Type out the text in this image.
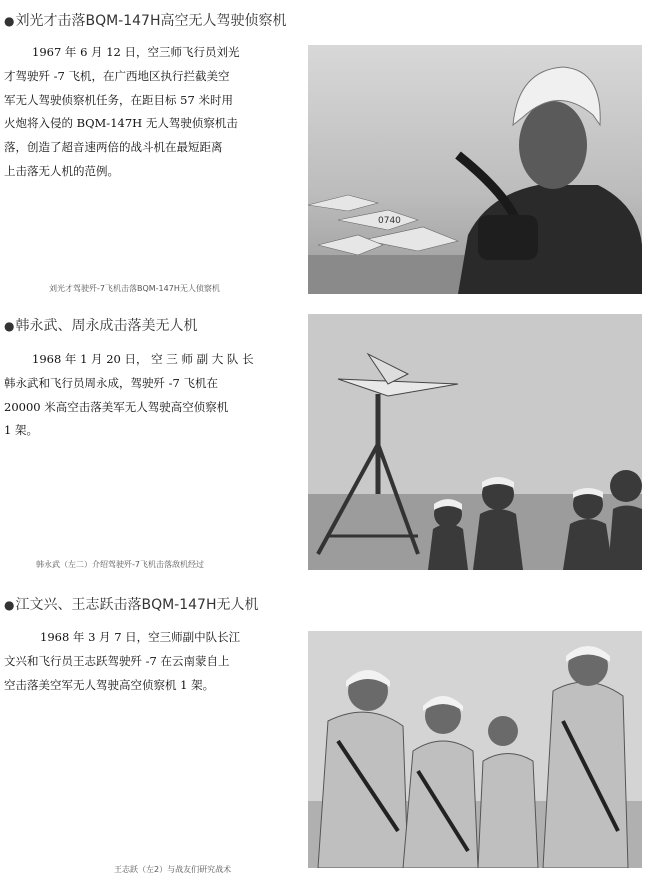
●刘光才击落BQM-147H高空无人驾驶侦察机
1967 年 6 月 12 日，空三师飞行员刘光
才驾驶歼 -7 飞机，在广西地区执行拦截美空
军无人驾驶侦察机任务，在距目标 57 米时用
火炮将入侵的 BQM-147H 无人驾驶侦察机击
落，创造了超音速两倍的战斗机在最短距离
上击落无人机的范例。
刘光才驾驶歼-7飞机击落BQM-147H无人侦察机
0740
●韩永武、周永成击落美无人机
1968 年 1 月 20 日， 空 三 师 副 大 队 长
韩永武和飞行员周永成，驾驶歼 -7 飞机在
20000 米高空击落美军无人驾驶高空侦察机
1 架。
韩永武（左二）介绍驾驶歼-7飞机击落敌机经过
●江文兴、王志跃击落BQM-147H无人机
1968 年 3 月 7 日，空三师副中队长江
文兴和飞行员王志跃驾驶歼 -7 在云南蒙自上
空击落美空军无人驾驶高空侦察机 1 架。
王志跃（左2）与战友们研究战术
